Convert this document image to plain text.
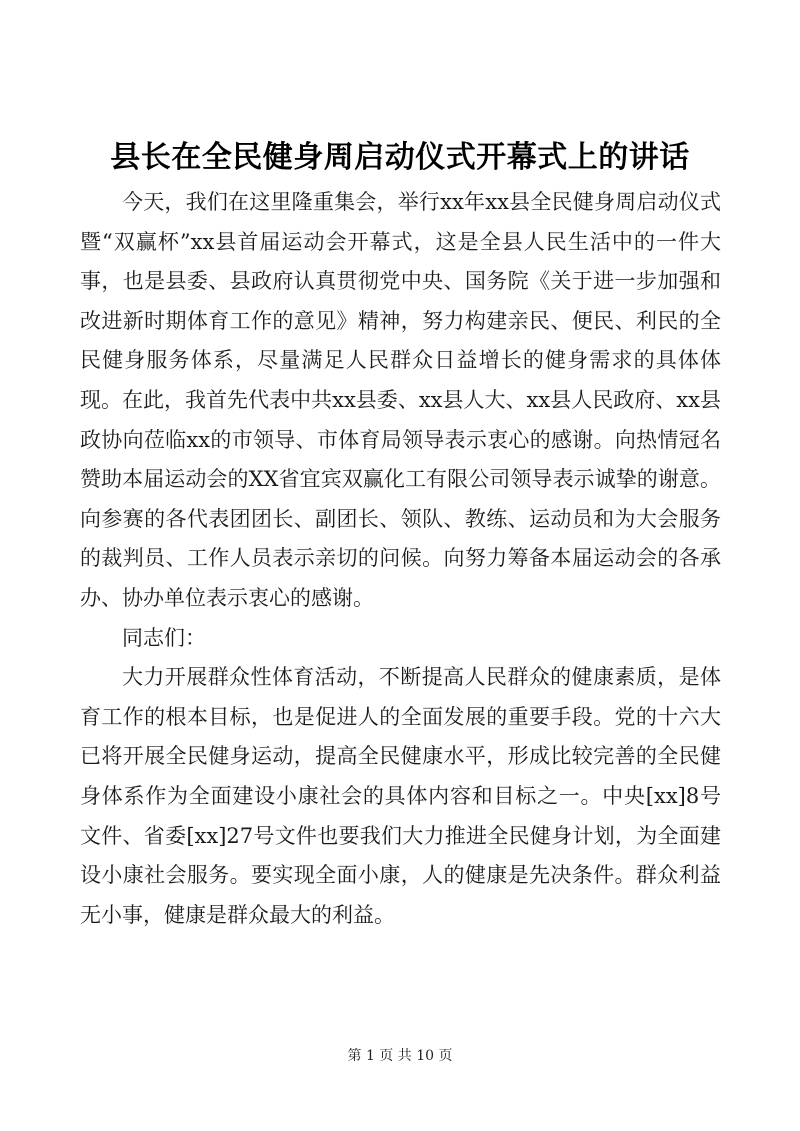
县长在全民健身周启动仪式开幕式上的讲话

今天，我们在这里隆重集会，举行xx年xx县全民健身周启动仪式暨“双赢杯”xx县首届运动会开幕式，这是全县人民生活中的一件大事，也是县委、县政府认真贯彻党中央、国务院《关于进一步加强和改进新时期体育工作的意见》精神，努力构建亲民、便民、利民的全民健身服务体系，尽量满足人民群众日益增长的健身需求的具体体现。在此，我首先代表中共xx县委、xx县人大、xx县人民政府、xx县政协向莅临xx的市领导、市体育局领导表示衷心的感谢。向热情冠名赞助本届运动会的XX省宜宾双赢化工有限公司领导表示诚挚的谢意。向参赛的各代表团团长、副团长、领队、教练、运动员和为大会服务的裁判员、工作人员表示亲切的问候。向努力筹备本届运动会的各承办、协办单位表示衷心的感谢。

同志们：

大力开展群众性体育活动，不断提高人民群众的健康素质，是体育工作的根本目标，也是促进人的全面发展的重要手段。党的十六大已将开展全民健身运动，提高全民健康水平，形成比较完善的全民健身体系作为全面建设小康社会的具体内容和目标之一。中央[xx]8号文件、省委[xx]27号文件也要我们大力推进全民健身计划，为全面建设小康社会服务。要实现全面小康，人的健康是先决条件。群众利益无小事，健康是群众最大的利益。

第 1 页 共 10 页
